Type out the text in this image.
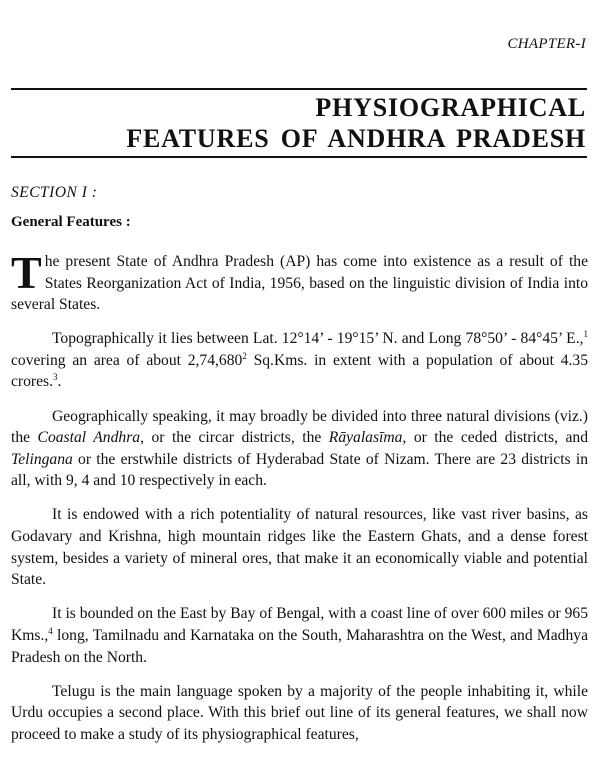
CHAPTER-I
PHYSIOGRAPHICAL
FEATURES OF ANDHRA PRADESH
SECTION I :
General Features :

The present State of Andhra Pradesh (AP) has come into existence as a result of the States Reorganization Act of India, 1956, based on the linguistic division of India into several States.

Topographically it lies between Lat. 12°14’ - 19°15’ N. and Long 78°50’ - 84°45’ E.,$^1$ covering an area of about 2,74,680$^2$ Sq.Kms. in extent with a population of about 4.35 crores.$^3$.

Geographically speaking, it may broadly be divided into three natural divisions (viz.) the Coastal Andhra, or the circar districts, the Rāyalasīma, or the ceded districts, and Telingana or the erstwhile districts of Hyderabad State of Nizam. There are 23 districts in all, with 9, 4 and 10 respectively in each.

It is endowed with a rich potentiality of natural resources, like vast river basins, as Godavary and Krishna, high mountain ridges like the Eastern Ghats, and a dense forest system, besides a variety of mineral ores, that make it an economically viable and potential State.

It is bounded on the East by Bay of Bengal, with a coast line of over 600 miles or 965 Kms.,$^4$ long, Tamilnadu and Karnataka on the South, Maharashtra on the West, and Madhya Pradesh on the North.

Telugu is the main language spoken by a majority of the people inhabiting it, while Urdu occupies a second place. With this brief out line of its general features, we shall now proceed to make a study of its physiographical features,
